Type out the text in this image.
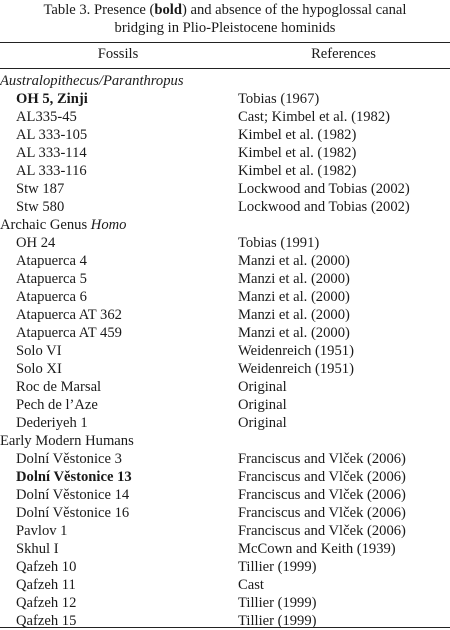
Table 3. Presence (bold) and absence of the hypoglossal canal
bridging in Plio-Pleistocene hominids
Fossils	References
Australopithecus/Paranthropus
OH 5, Zinji	Tobias (1967)
AL335-45	Cast; Kimbel et al. (1982)
AL 333-105	Kimbel et al. (1982)
AL 333-114	Kimbel et al. (1982)
AL 333-116	Kimbel et al. (1982)
Stw 187	Lockwood and Tobias (2002)
Stw 580	Lockwood and Tobias (2002)
Archaic Genus Homo
OH 24	Tobias (1991)
Atapuerca 4	Manzi et al. (2000)
Atapuerca 5	Manzi et al. (2000)
Atapuerca 6	Manzi et al. (2000)
Atapuerca AT 362	Manzi et al. (2000)
Atapuerca AT 459	Manzi et al. (2000)
Solo VI	Weidenreich (1951)
Solo XI	Weidenreich (1951)
Roc de Marsal	Original
Pech de l’Aze	Original
Dederiyeh 1	Original
Early Modern Humans
Dolní Věstonice 3	Franciscus and Vlček (2006)
Dolní Věstonice 13	Franciscus and Vlček (2006)
Dolní Věstonice 14	Franciscus and Vlček (2006)
Dolní Věstonice 16	Franciscus and Vlček (2006)
Pavlov 1	Franciscus and Vlček (2006)
Skhul I	McCown and Keith (1939)
Qafzeh 10	Tillier (1999)
Qafzeh 11	Cast
Qafzeh 12	Tillier (1999)
Qafzeh 15	Tillier (1999)
